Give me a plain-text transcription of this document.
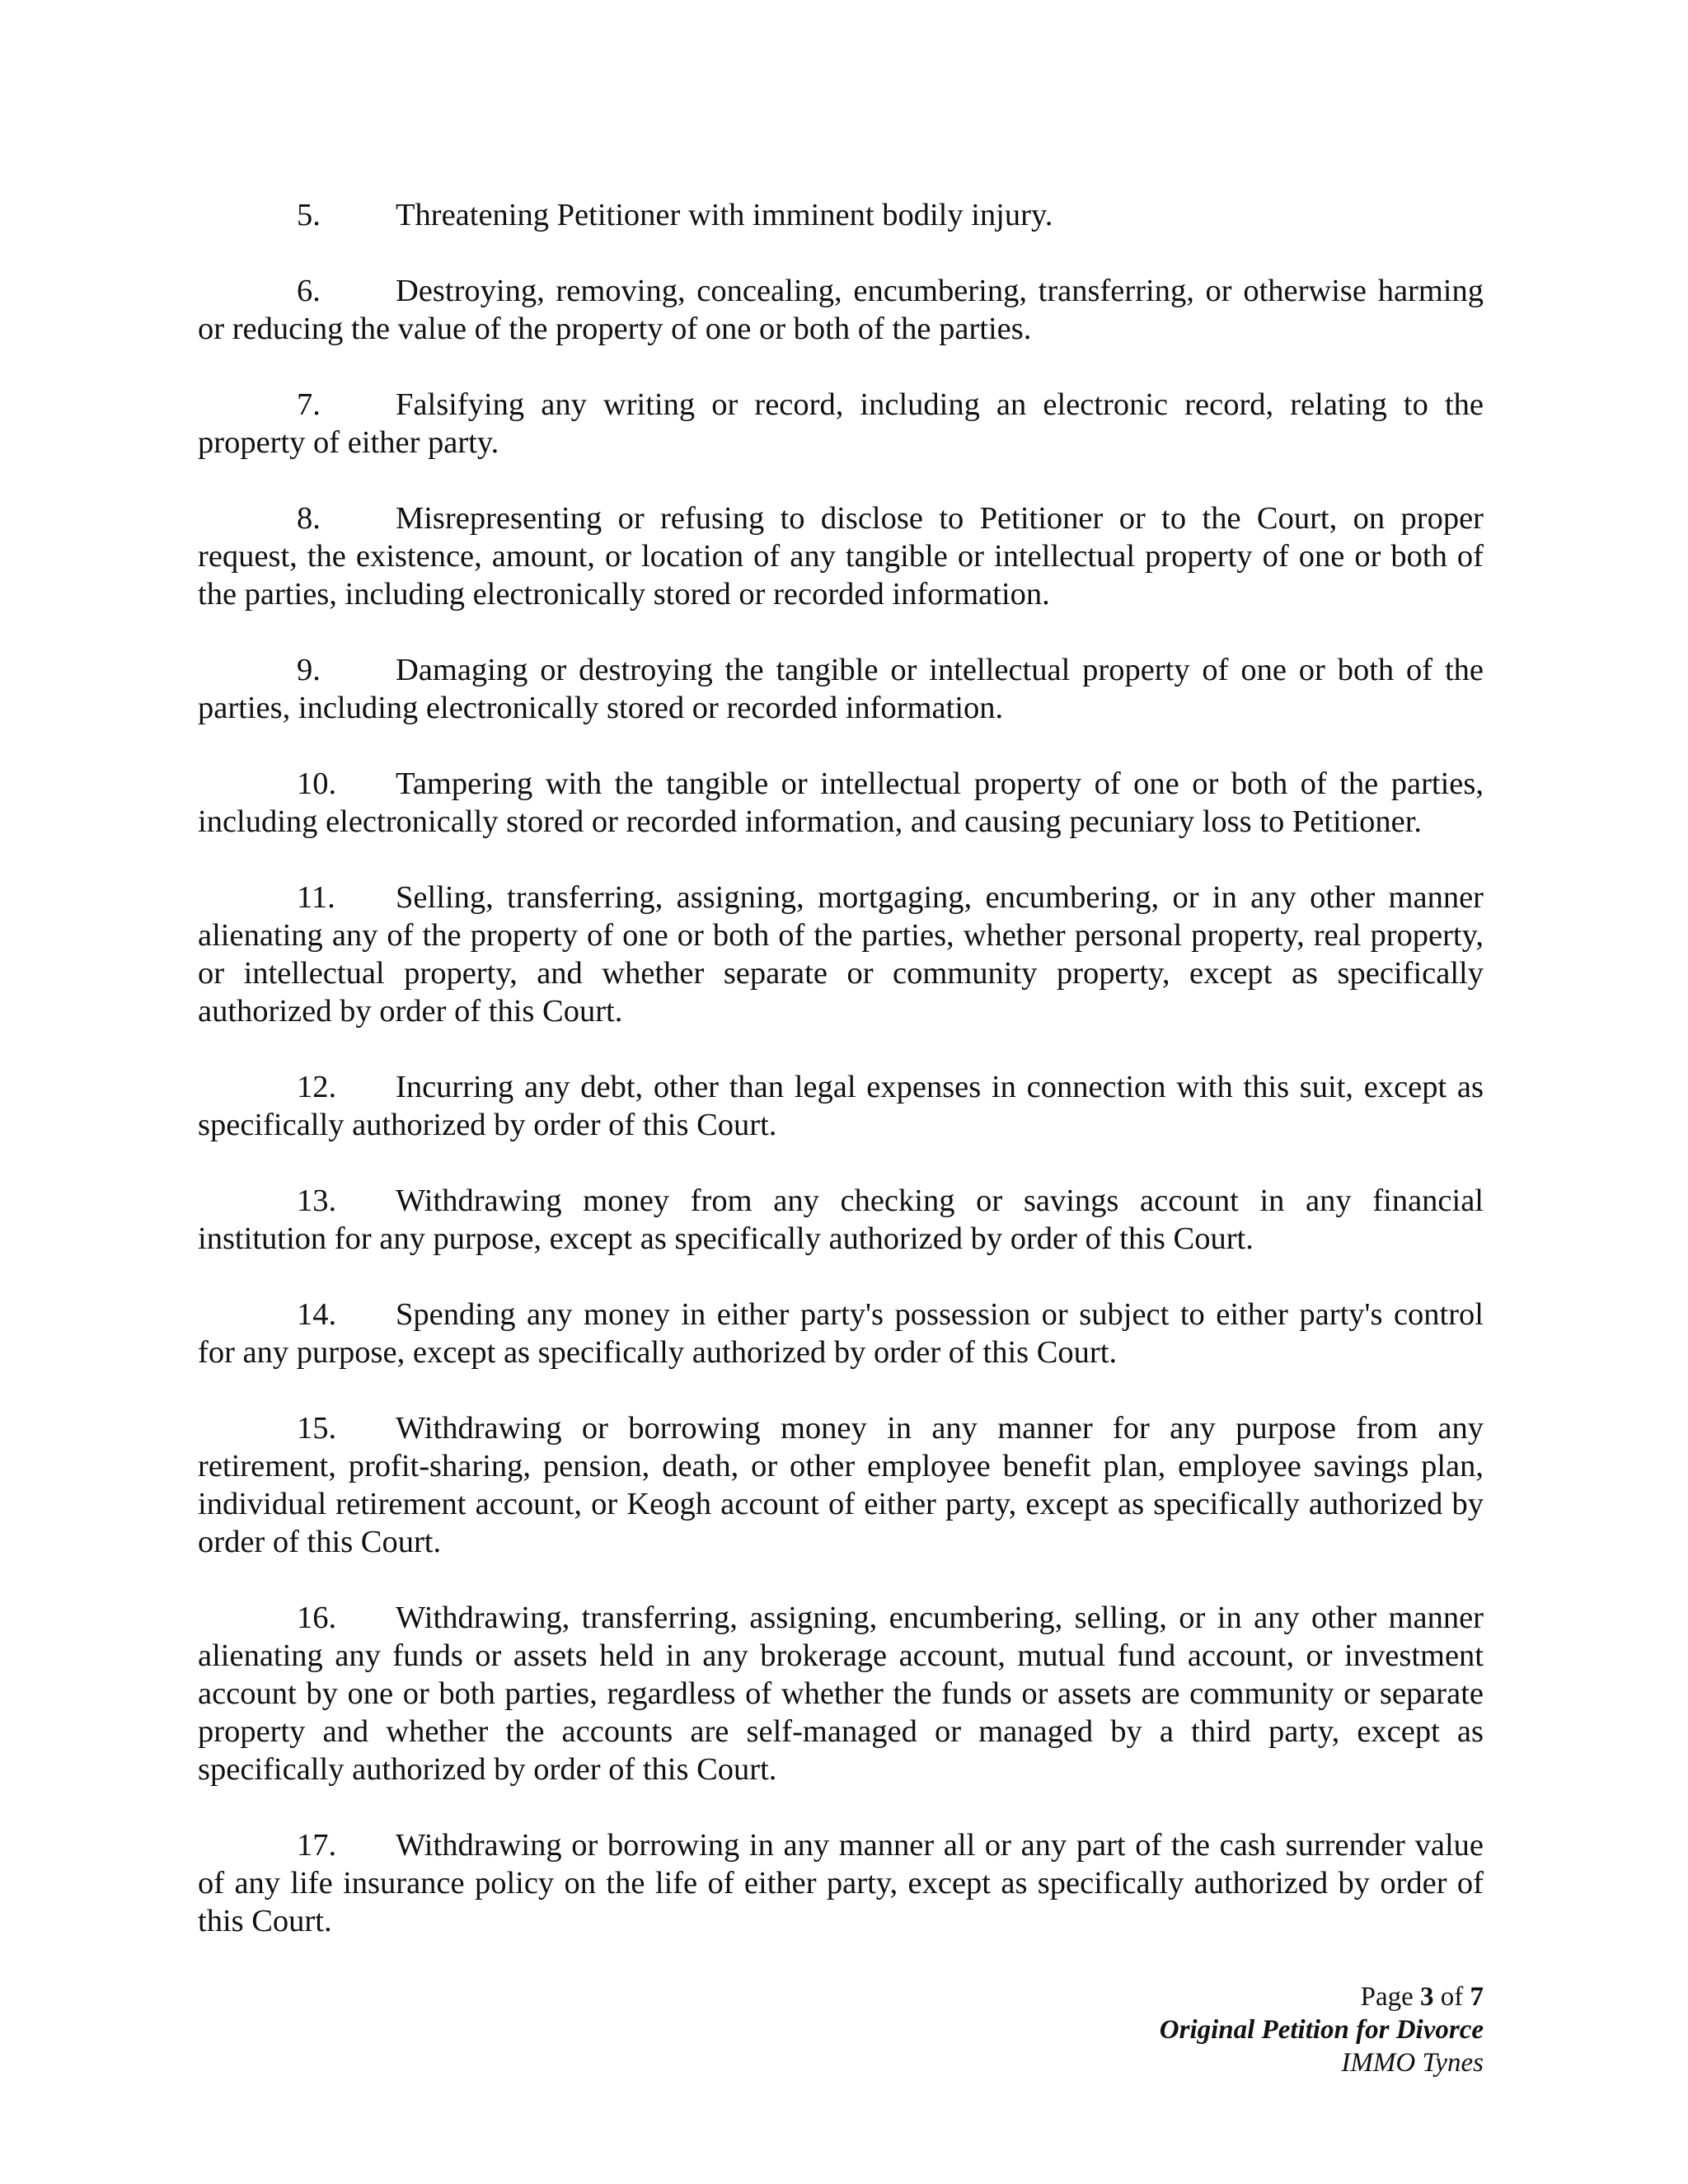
5. Threatening Petitioner with imminent bodily injury.

6. Destroying, removing, concealing, encumbering, transferring, or otherwise harming or reducing the value of the property of one or both of the parties.

7. Falsifying any writing or record, including an electronic record, relating to the property of either party.

8. Misrepresenting or refusing to disclose to Petitioner or to the Court, on proper request, the existence, amount, or location of any tangible or intellectual property of one or both of the parties, including electronically stored or recorded information.

9. Damaging or destroying the tangible or intellectual property of one or both of the parties, including electronically stored or recorded information.

10. Tampering with the tangible or intellectual property of one or both of the parties, including electronically stored or recorded information, and causing pecuniary loss to Petitioner.

11. Selling, transferring, assigning, mortgaging, encumbering, or in any other manner alienating any of the property of one or both of the parties, whether personal property, real property, or intellectual property, and whether separate or community property, except as specifically authorized by order of this Court.

12. Incurring any debt, other than legal expenses in connection with this suit, except as specifically authorized by order of this Court.

13. Withdrawing money from any checking or savings account in any financial institution for any purpose, except as specifically authorized by order of this Court.

14. Spending any money in either party's possession or subject to either party's control for any purpose, except as specifically authorized by order of this Court.

15. Withdrawing or borrowing money in any manner for any purpose from any retirement, profit-sharing, pension, death, or other employee benefit plan, employee savings plan, individual retirement account, or Keogh account of either party, except as specifically authorized by order of this Court.

16. Withdrawing, transferring, assigning, encumbering, selling, or in any other manner alienating any funds or assets held in any brokerage account, mutual fund account, or investment account by one or both parties, regardless of whether the funds or assets are community or separate property and whether the accounts are self-managed or managed by a third party, except as specifically authorized by order of this Court.

17. Withdrawing or borrowing in any manner all or any part of the cash surrender value of any life insurance policy on the life of either party, except as specifically authorized by order of this Court.

Page 3 of 7
Original Petition for Divorce
IMMO Tynes
